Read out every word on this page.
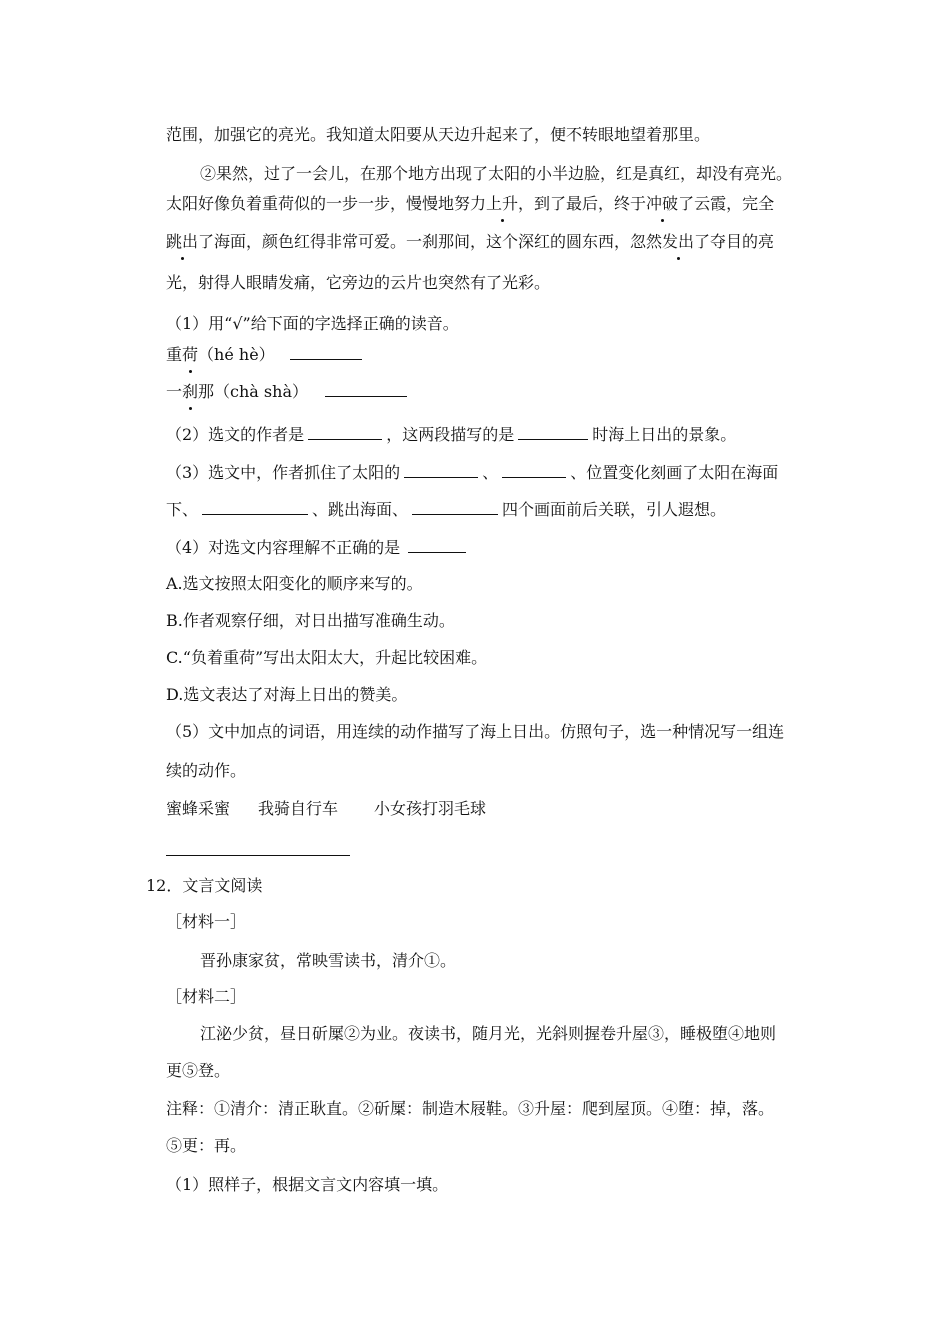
范围，加强它的亮光。我知道太阳要从天边升起来了，便不转眼地望着那里。
②果然，过了一会儿，在那个地方出现了太阳的小半边脸，红是真红，却没有亮光。
太阳好像负着重荷似的一步一步，慢慢地努力上升，到了最后，终于冲破了云霞，完全
跳出了海面，颜色红得非常可爱。一刹那间，这个深红的圆东西，忽然发出了夺目的亮
光，射得人眼睛发痛，它旁边的云片也突然有了光彩。
（1）用“√”给下面的字选择正确的读音。
重荷（hé hè）
一刹那（chà shà）
（2）选文的作者是	，这两段描写的是	时海上日出的景象。
（3）选文中，作者抓住了太阳的	、	、位置变化刻画了太阳在海面
下、	、跳出海面、	四个画面前后关联，引人遐想。
（4）对选文内容理解不正确的是
A.选文按照太阳变化的顺序来写的。
B.作者观察仔细，对日出描写准确生动。
C.“负着重荷”写出太阳太大，升起比较困难。
D.选文表达了对海上日出的赞美。
（5）文中加点的词语，用连续的动作描写了海上日出。仿照句子，选一种情况写一组连
续的动作。
蜜蜂采蜜 我骑自行车 小女孩打羽毛球
12．文言文阅读
［材料一］
晋孙康家贫，常映雪读书，清介①。
［材料二］
江泌少贫，昼日斫屟②为业。夜读书，随月光，光斜则握卷升屋③，睡极堕④地则
更⑤登。
注释：①清介：清正耿直。②斫屟：制造木屐鞋。③升屋：爬到屋顶。④堕：掉，落。
⑤更：再。
（1）照样子，根据文言文内容填一填。
